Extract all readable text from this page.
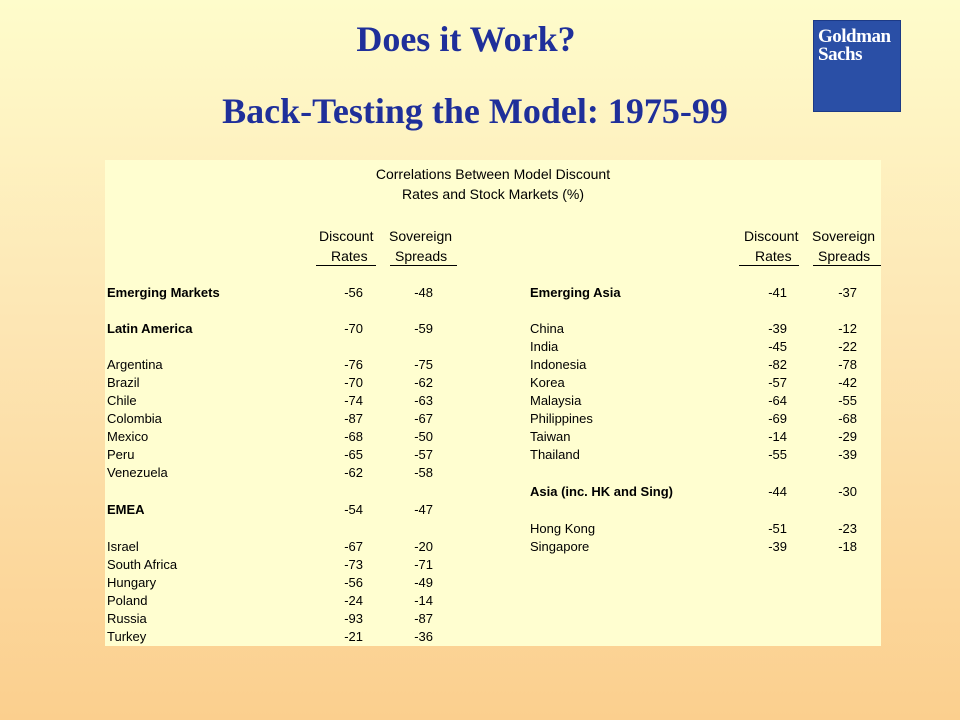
Does it Work?
Back-Testing the Model: 1975-99
Goldman
Sachs
Correlations Between Model Discount
Rates and Stock Markets (%)
Discount Sovereign
Rates Spreads
Discount Sovereign
Rates Spreads
Emerging Markets	-56	-48
Latin America	-70	-59
Argentina	-76	-75
Brazil	-70	-62
Chile	-74	-63
Colombia	-87	-67
Mexico	-68	-50
Peru	-65	-57
Venezuela	-62	-58
EMEA	-54	-47
Israel	-67	-20
South Africa	-73	-71
Hungary	-56	-49
Poland	-24	-14
Russia	-93	-87
Turkey	-21	-36
Emerging Asia	-41	-37
China	-39	-12
India	-45	-22
Indonesia	-82	-78
Korea	-57	-42
Malaysia	-64	-55
Philippines	-69	-68
Taiwan	-14	-29
Thailand	-55	-39
Asia (inc. HK and Sing)	-44	-30
Hong Kong	-51	-23
Singapore	-39	-18
